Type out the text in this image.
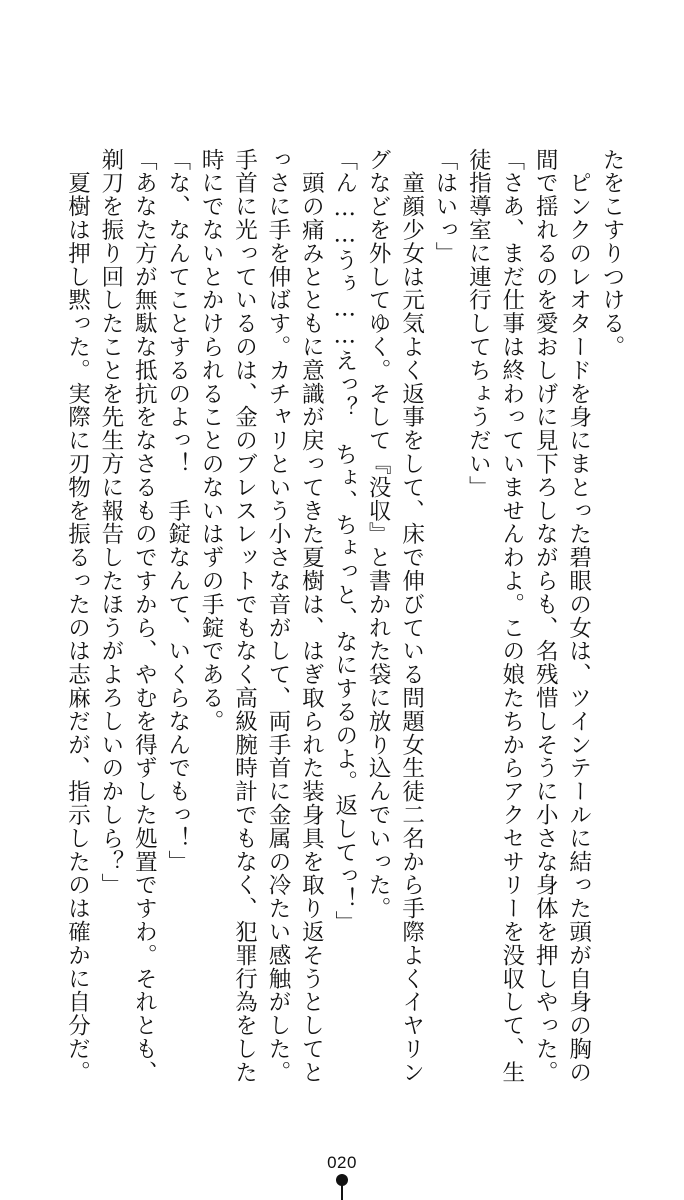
たをこすりつける。
　ピンクのレオタードを身にまとった碧眼の女は、ツインテールに結った頭が自身の胸の
間で揺れるのを愛おしげに見下ろしながらも、名残惜しそうに小さな身体を押しやった。
「さあ、まだ仕事は終わっていませんわよ。この娘たちからアクセサリーを没収して、生
徒指導室に連行してちょうだい」
「はいっ」
　童顔少女は元気よく返事をして、床で伸びている問題女生徒二名から手際よくイヤリン
グなどを外してゆく。そして『没収』と書かれた袋に放り込んでいった。
「ん……うぅ……えっ？　ちょ、ちょっと、なにするのよ。返してっ！」
　頭の痛みとともに意識が戻ってきた夏樹は、はぎ取られた装身具を取り返そうとしてと
っさに手を伸ばす。カチャリという小さな音がして、両手首に金属の冷たい感触がした。
手首に光っているのは、金のブレスレットでもなく高級腕時計でもなく、犯罪行為をした
時にでないとかけられることのないはずの手錠である。
「な、なんてことするのよっ！　手錠なんて、いくらなんでもっ！」
「あなた方が無駄な抵抗をなさるものですから、やむを得ずした処置ですわ。それとも、
剃刀を振り回したことを先生方に報告したほうがよろしいのかしら？」
　夏樹は押し黙った。実際に刃物を振るったのは志麻だが、指示したのは確かに自分だ。
020
